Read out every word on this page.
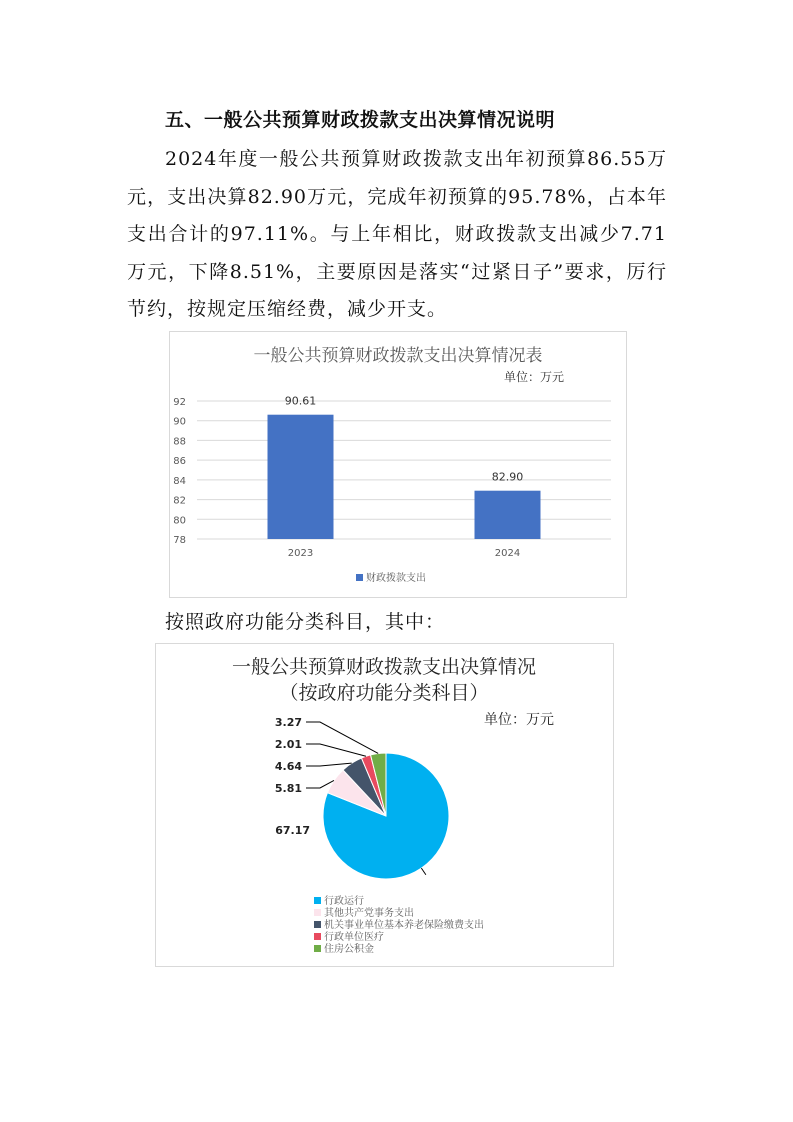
五、一般公共预算财政拨款支出决算情况说明
2024年度一般公共预算财政拨款支出年初预算86.55万元，支出决算82.90万元，完成年初预算的95.78%，占本年支出合计的97.11%。与上年相比，财政拨款支出减少7.71万元，下降8.51%，主要原因是落实“过紧日子”要求，厉行节约，按规定压缩经费，减少开支。
一般公共预算财政拨款支出决算情况表
单位：万元
78
80
82
84
86
88
90
92	90.61
2023
82.90
2024
财政拨款支出
按照政府功能分类科目，其中：
一般公共预算财政拨款支出决算情况
（按政府功能分类科目）
单位：万元
67.17
5.81
4.64
2.01
3.27
行政运行
其他共产党事务支出
机关事业单位基本养老保险缴费支出
行政单位医疗
住房公积金
